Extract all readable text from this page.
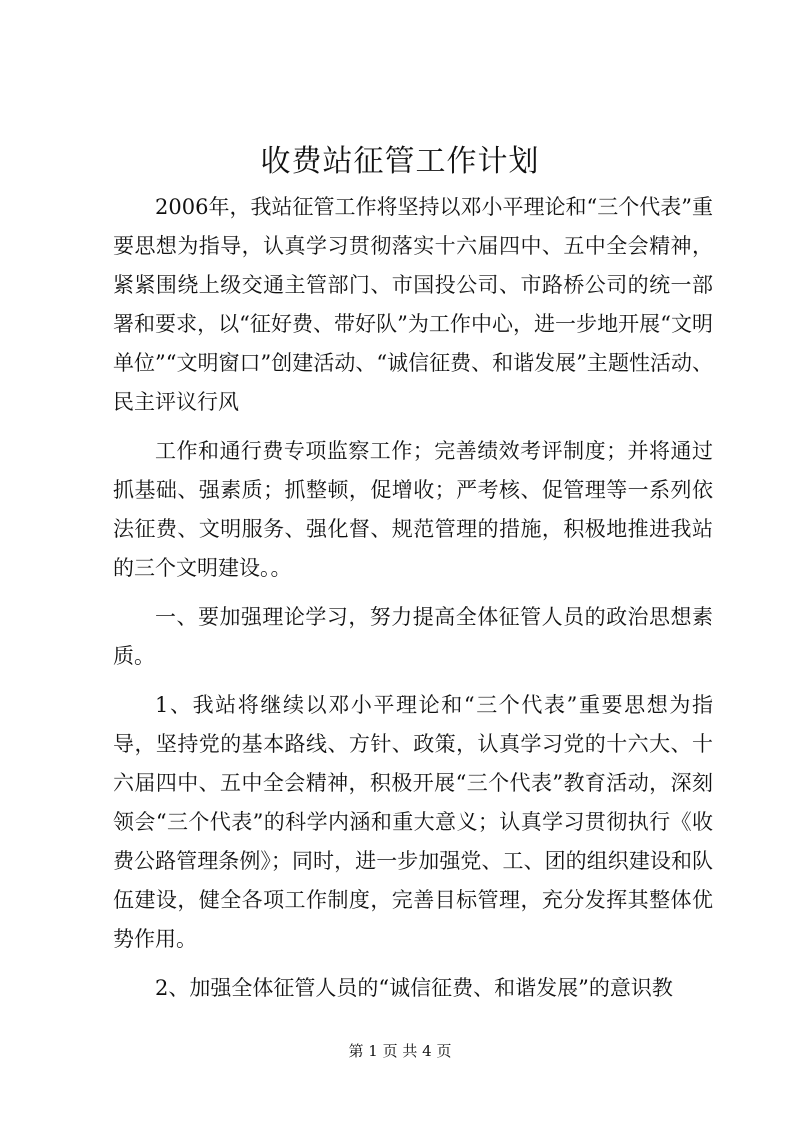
收费站征管工作计划

2006年，我站征管工作将坚持以邓小平理论和“三个代表”重要思想为指导，认真学习贯彻落实十六届四中、五中全会精神，紧紧围绕上级交通主管部门、市国投公司、市路桥公司的统一部署和要求，以“征好费、带好队”为工作中心，进一步地开展“文明单位”“文明窗口”创建活动、“诚信征费、和谐发展”主题性活动、民主评议行风

工作和通行费专项监察工作；完善绩效考评制度；并将通过抓基础、强素质；抓整顿，促增收；严考核、促管理等一系列依法征费、文明服务、强化督、规范管理的措施，积极地推进我站的三个文明建设。。

一、要加强理论学习，努力提高全体征管人员的政治思想素质。

1、我站将继续以邓小平理论和“三个代表”重要思想为指导，坚持党的基本路线、方针、政策，认真学习党的十六大、十六届四中、五中全会精神，积极开展“三个代表”教育活动，深刻领会“三个代表”的科学内涵和重大意义；认真学习贯彻执行《收费公路管理条例》；同时，进一步加强党、工、团的组织建设和队伍建设，健全各项工作制度，完善目标管理，充分发挥其整体优势作用。

2、加强全体征管人员的“诚信征费、和谐发展”的意识教

第 1 页 共 4 页
